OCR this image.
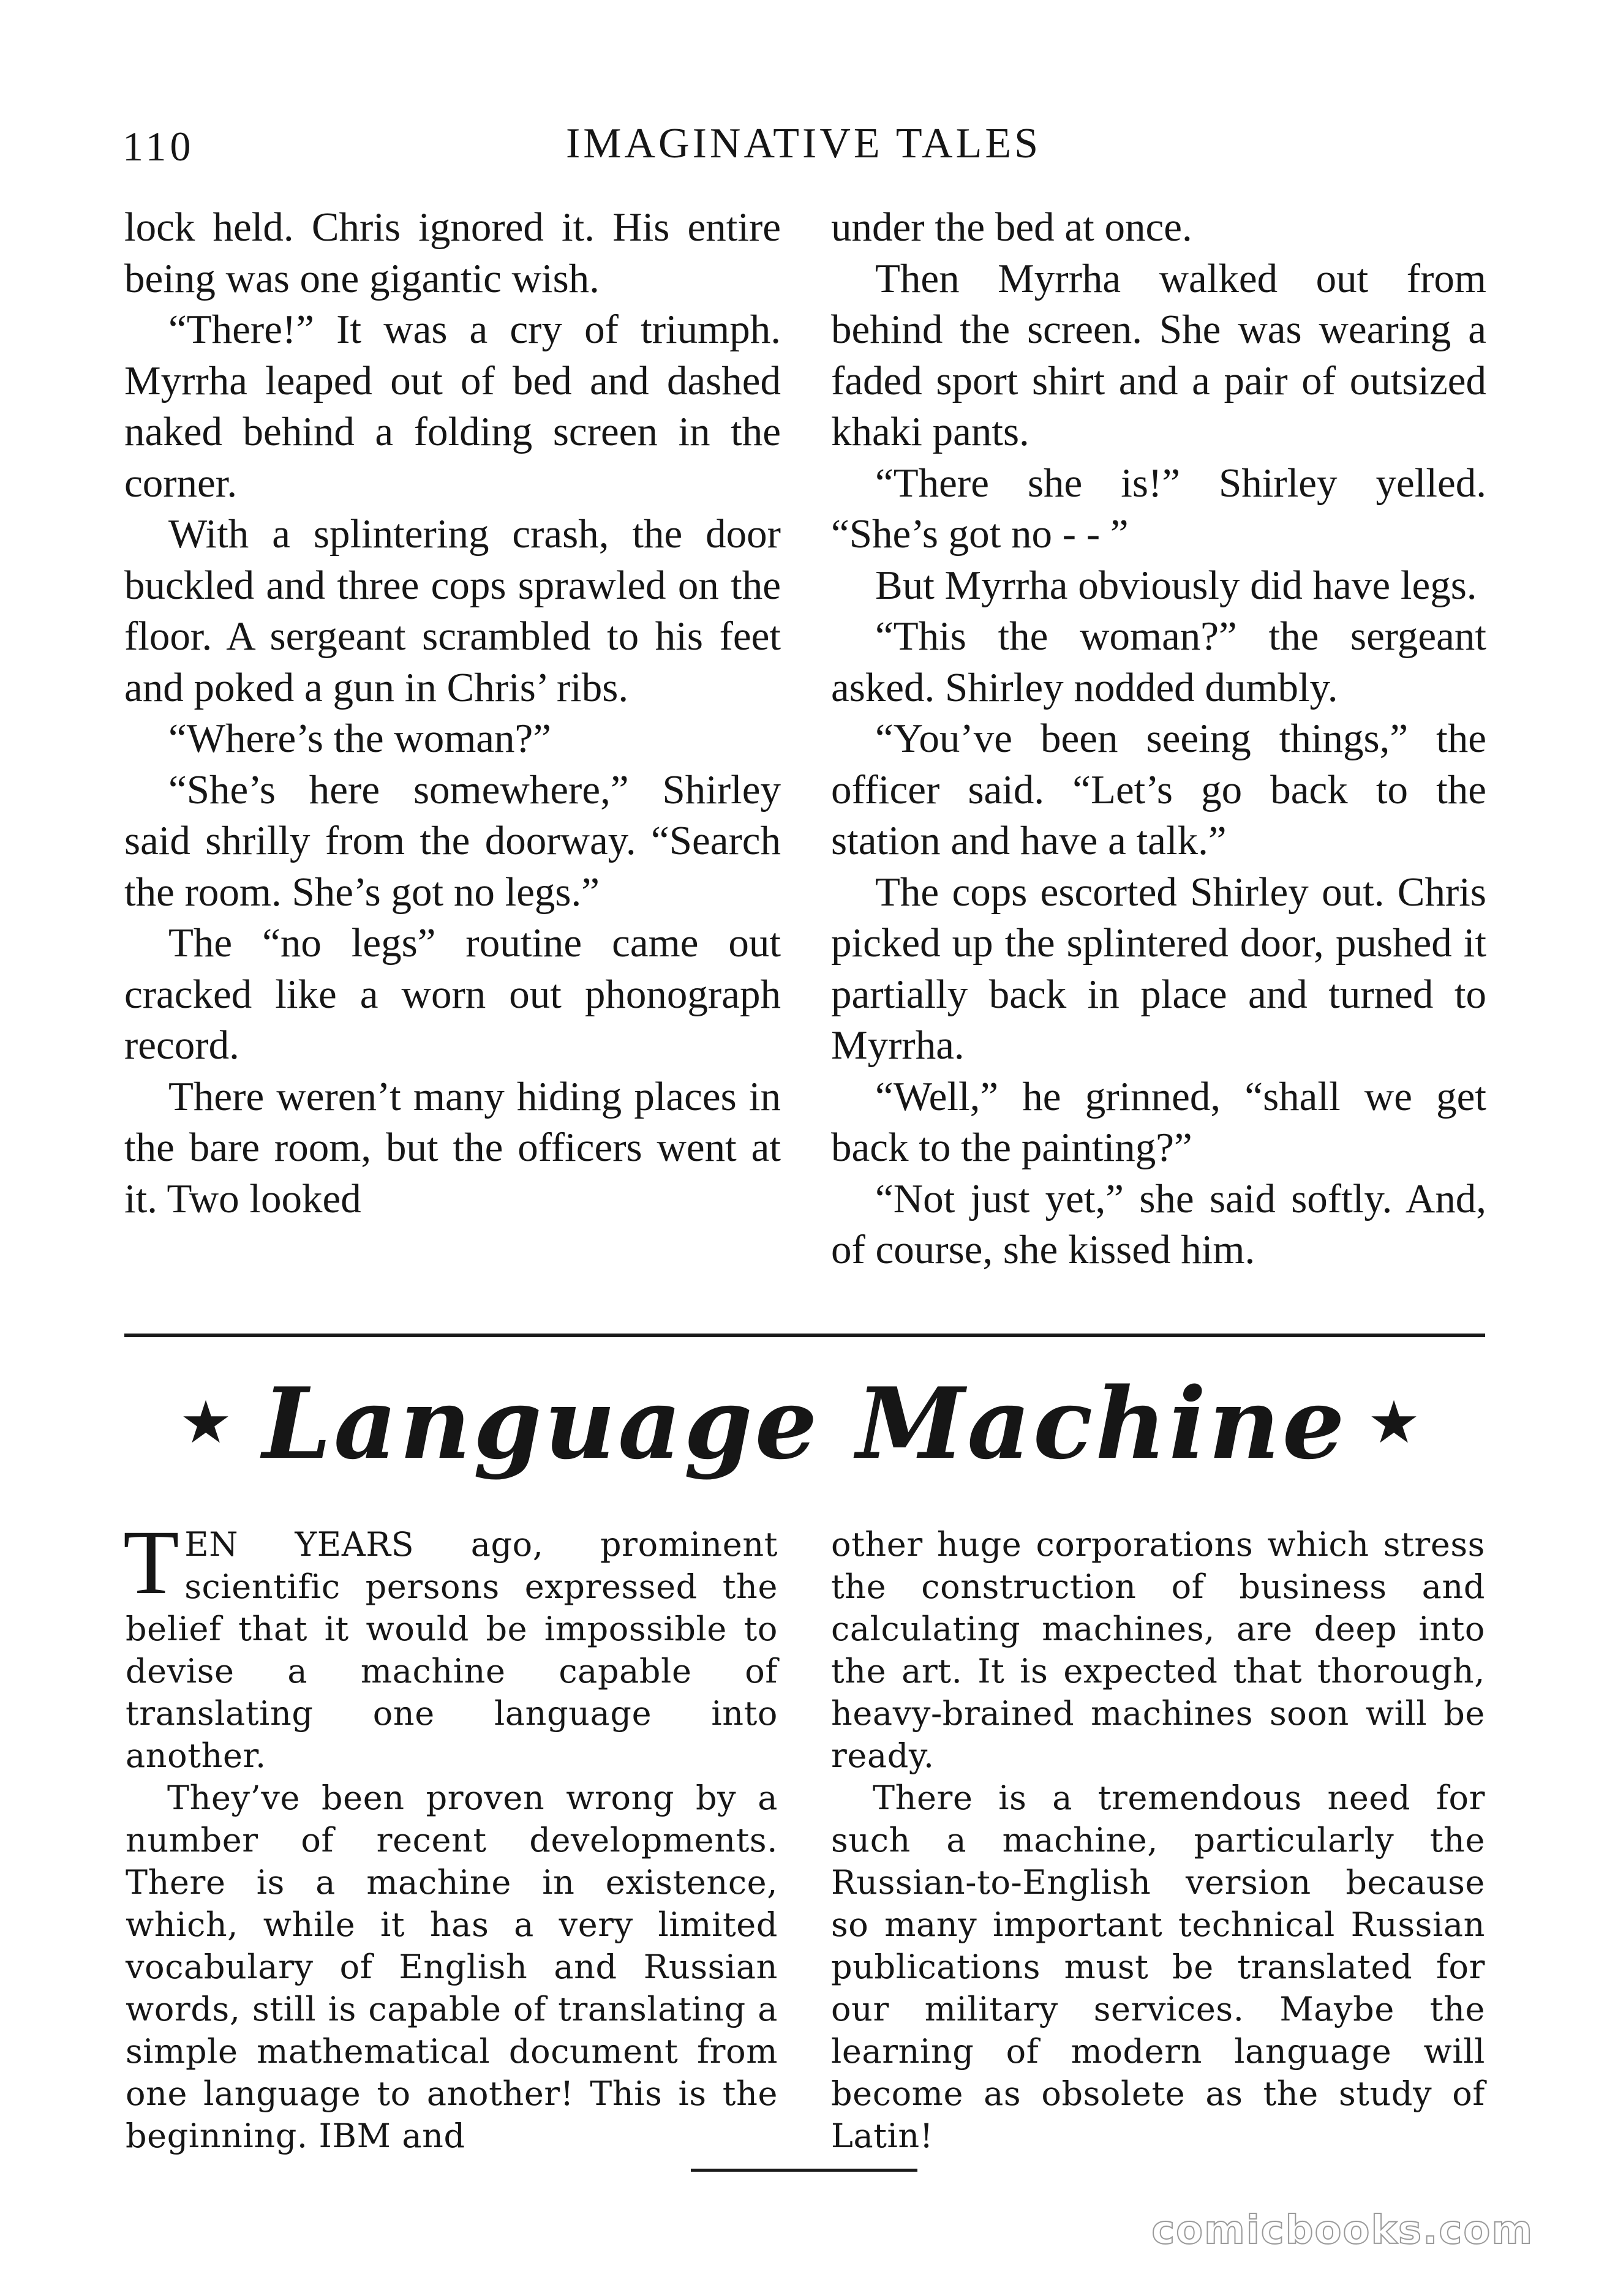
110	IMAGINATIVE TALES

lock held. Chris ignored it. His entire being was one gigantic wish.

“There!” It was a cry of triumph. Myrrha leaped out of bed and dashed naked behind a folding screen in the corner.

With a splintering crash, the door buckled and three cops sprawled on the floor. A sergeant scrambled to his feet and poked a gun in Chris’ ribs.

“Where’s the woman?”

“She’s here somewhere,” Shirley said shrilly from the doorway. “Search the room. She’s got no legs.”

The “no legs” routine came out cracked like a worn out phonograph record.

There weren’t many hiding places in the bare room, but the officers went at it. Two looked

under the bed at once.

Then Myrrha walked out from behind the screen. She was wearing a faded sport shirt and a pair of outsized khaki pants.

“There she is!” Shirley yelled. “She’s got no - - ”

But Myrrha obviously did have legs.

“This the woman?” the sergeant asked. Shirley nodded dumbly.

“You’ve been seeing things,” the officer said. “Let’s go back to the station and have a talk.”

The cops escorted Shirley out. Chris picked up the splintered door, pushed it partially back in place and turned to Myrrha.

“Well,” he grinned, “shall we get back to the painting?”

“Not just yet,” she said softly. And, of course, she kissed him.

★ Language Machine ★

TEN YEARS ago, prominent scientific persons expressed the belief that it would be impossible to devise a machine capable of translating one language into another.

They’ve been proven wrong by a number of recent developments. There is a machine in existence, which, while it has a very limited vocabulary of English and Russian words, still is capable of translating a simple mathematical document from one language to another! This is the beginning. IBM and

other huge corporations which stress the construction of business and calculating machines, are deep into the art. It is expected that thorough, heavy-brained machines soon will be ready.

There is a tremendous need for such a machine, particularly the Russian-to-English version because so many important technical Russian publications must be translated for our military services. Maybe the learning of modern language will become as obsolete as the study of Latin!

comicbooks.com
